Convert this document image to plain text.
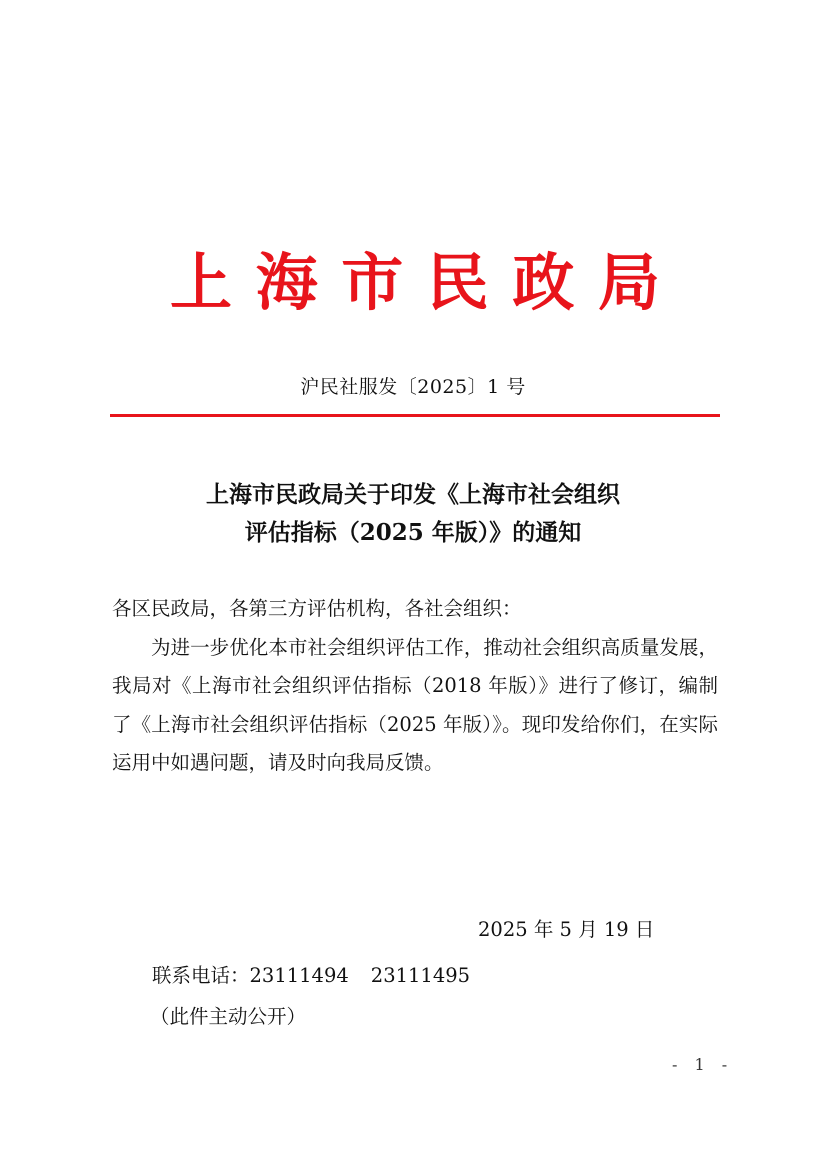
上 海 市 民 政 局
沪民社服发〔2025〕1 号
上海市民政局关于印发《上海市社会组织
评估指标（2025 年版）》的通知
各区民政局，各第三方评估机构，各社会组织：
为进一步优化本市社会组织评估工作，推动社会组织高质量发展，我局对《上海市社会组织评估指标（2018 年版）》进行了修订，编制了《上海市社会组织评估指标（2025 年版）》。现印发给你们，在实际运用中如遇问题，请及时向我局反馈。
2025 年 5 月 19 日
联系电话：23111494 23111495
（此件主动公开）
- 1 -
